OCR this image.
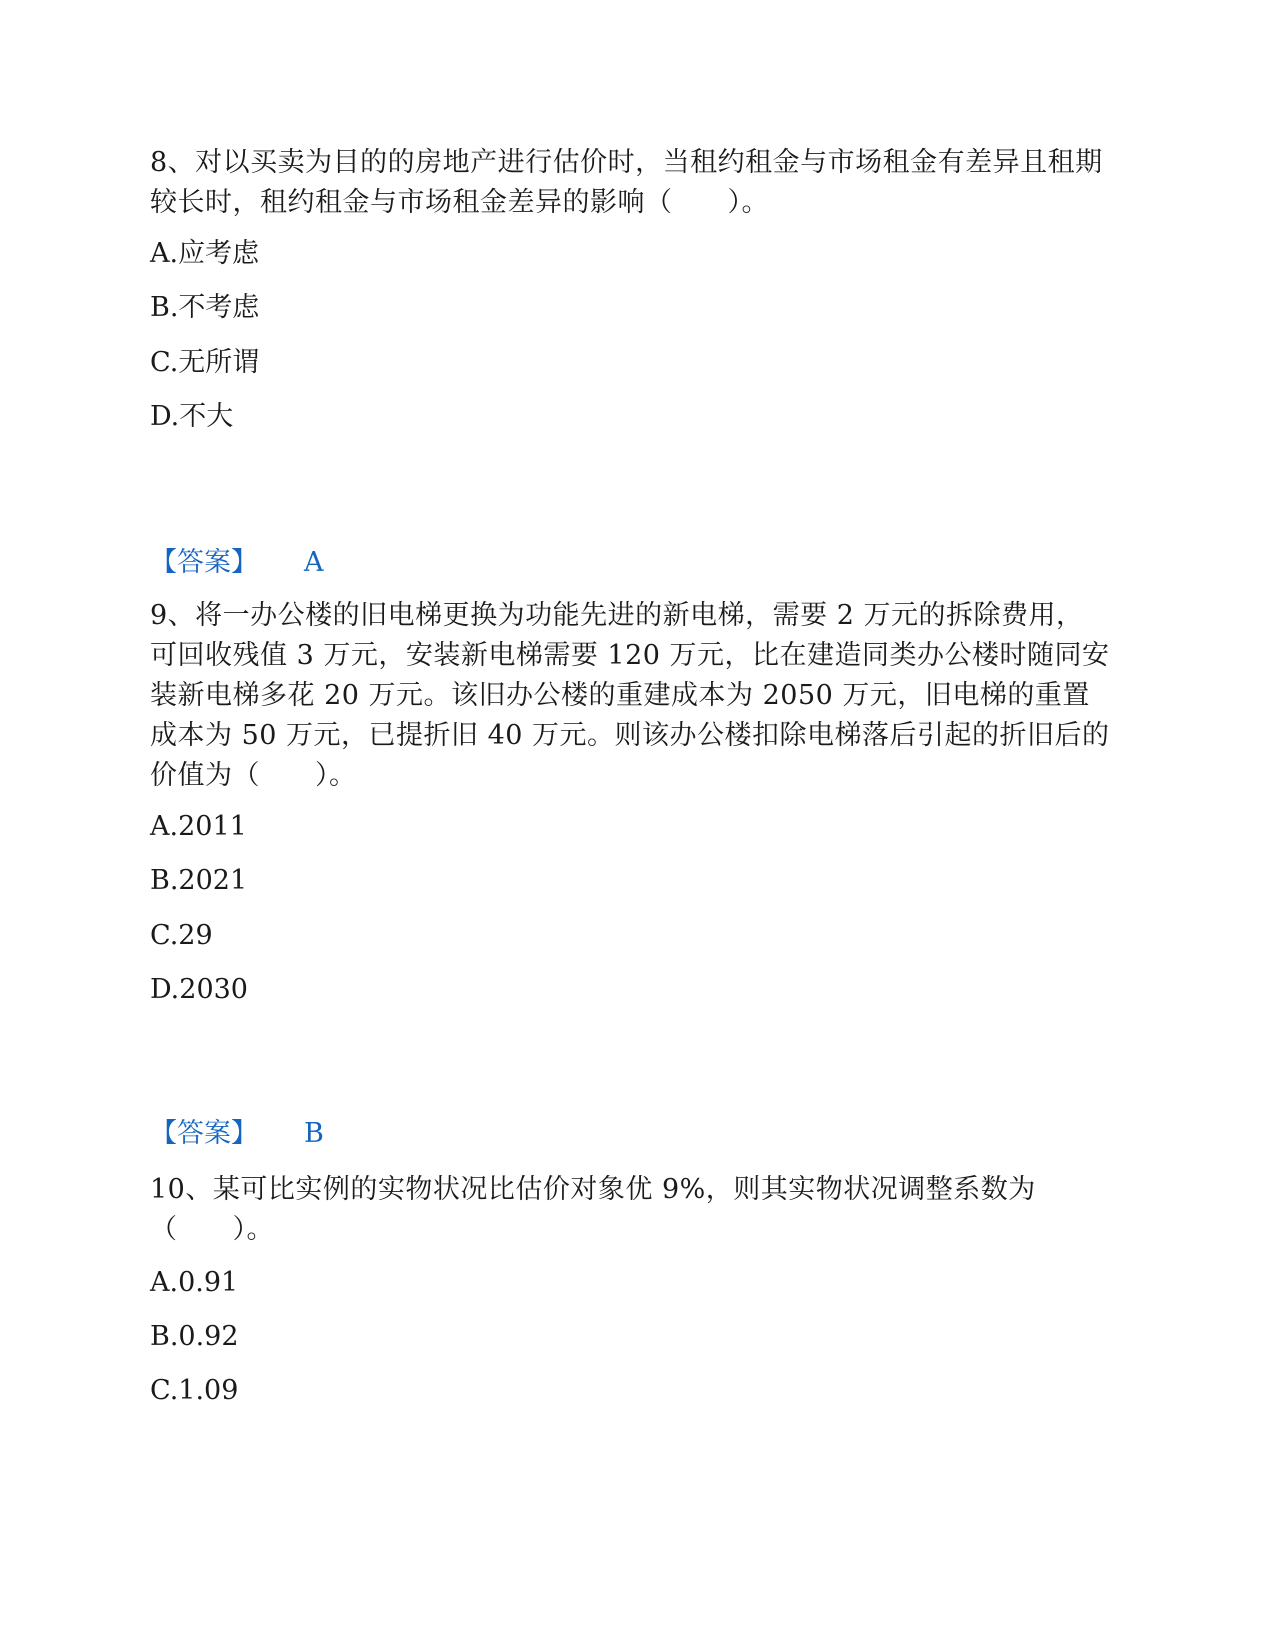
8、对以买卖为目的的房地产进行估价时，当租约租金与市场租金有差异且租期较长时，租约租金与市场租金差异的影响（　　）。

A.应考虑

B.不考虑

C.无所谓

D.不大

【答案】 A

9、将一办公楼的旧电梯更换为功能先进的新电梯，需要 2 万元的拆除费用，可回收残值 3 万元，安装新电梯需要 120 万元，比在建造同类办公楼时随同安装新电梯多花 20 万元。该旧办公楼的重建成本为 2050 万元，旧电梯的重置成本为 50 万元，已提折旧 40 万元。则该办公楼扣除电梯落后引起的折旧后的价值为（　　）。

A.2011

B.2021

C.29

D.2030

【答案】 B

10、某可比实例的实物状况比估价对象优 9%，则其实物状况调整系数为（　　）。

A.0.91

B.0.92

C.1.09
